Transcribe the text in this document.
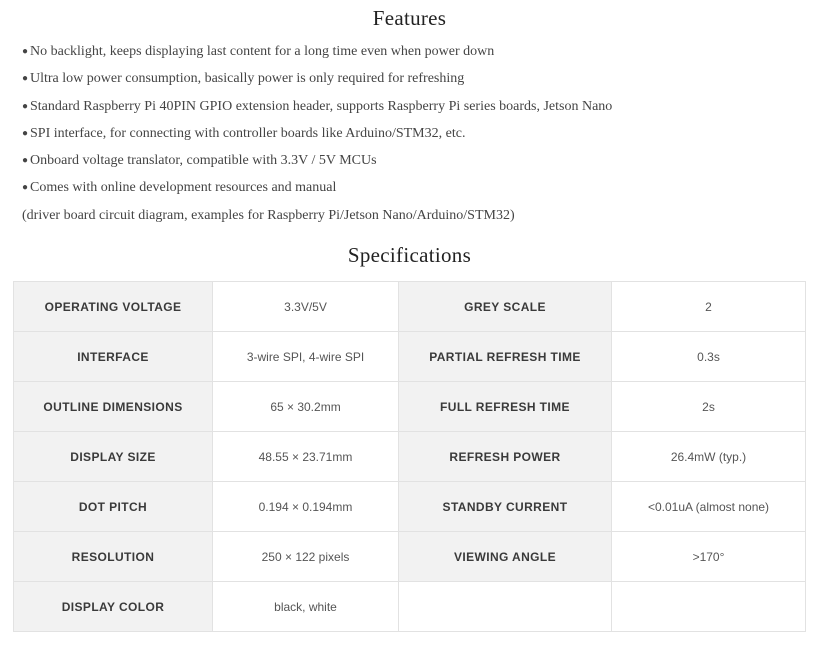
Features
● No backlight, keeps displaying last content for a long time even when power down
● Ultra low power consumption, basically power is only required for refreshing
● Standard Raspberry Pi 40PIN GPIO extension header, supports Raspberry Pi series boards, Jetson Nano
● SPI interface, for connecting with controller boards like Arduino/STM32, etc.
● Onboard voltage translator, compatible with 3.3V / 5V MCUs
● Comes with online development resources and manual
(driver board circuit diagram, examples for Raspberry Pi/Jetson Nano/Arduino/STM32)
Specifications
OPERATING VOLTAGE	3.3V/5V	GREY SCALE	2
INTERFACE	3-wire SPI, 4-wire SPI	PARTIAL REFRESH TIME	0.3s
OUTLINE DIMENSIONS	65 × 30.2mm	FULL REFRESH TIME	2s
DISPLAY SIZE	48.55 × 23.71mm	REFRESH POWER	26.4mW (typ.)
DOT PITCH	0.194 × 0.194mm	STANDBY CURRENT	<0.01uA (almost none)
RESOLUTION	250 × 122 pixels	VIEWING ANGLE	>170°
DISPLAY COLOR	black, white		
